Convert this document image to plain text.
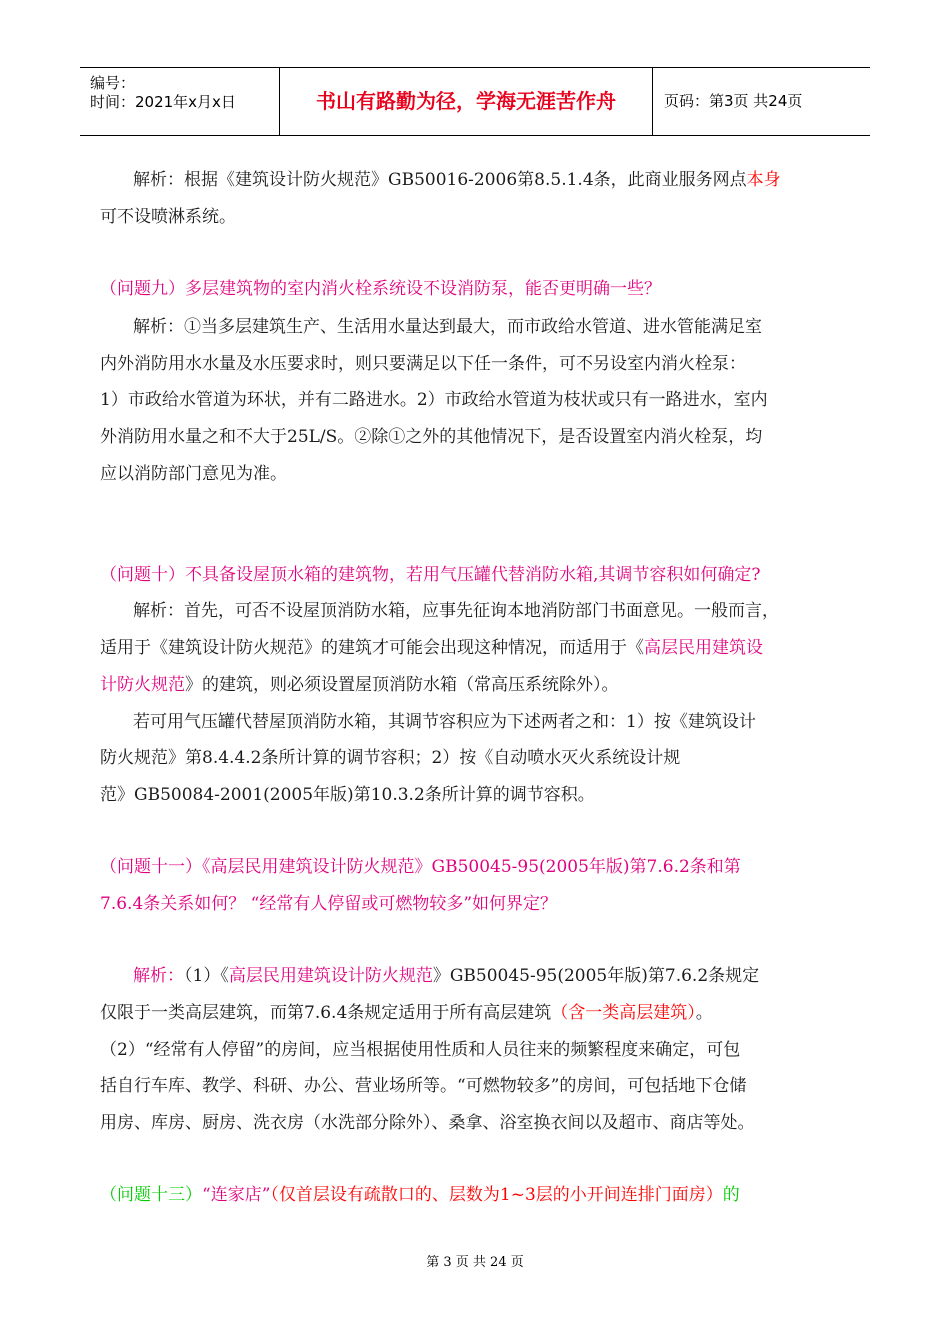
编号：
时间：2021年x月x日	书山有路勤为径，学海无涯苦作舟	页码：第3页 共24页
解析：根据《建筑设计防火规范》GB50016-2006第8.5.1.4条，此商业服务网点本身
可不设喷淋系统。
（问题九）多层建筑物的室内消火栓系统设不设消防泵，能否更明确一些？
解析：①当多层建筑生产、生活用水量达到最大，而市政给水管道、进水管能满足室
内外消防用水水量及水压要求时，则只要满足以下任一条件，可不另设室内消火栓泵：
1）市政给水管道为环状，并有二路进水。2）市政给水管道为枝状或只有一路进水，室内
外消防用水量之和不大于25L/S。②除①之外的其他情况下，是否设置室内消火栓泵，均
应以消防部门意见为准。
（问题十）不具备设屋顶水箱的建筑物，若用气压罐代替消防水箱,其调节容积如何确定?
解析：首先，可否不设屋顶消防水箱，应事先征询本地消防部门书面意见。一般而言，
适用于《建筑设计防火规范》的建筑才可能会出现这种情况，而适用于《高层民用建筑设
计防火规范》的建筑，则必须设置屋顶消防水箱（常高压系统除外）。
若可用气压罐代替屋顶消防水箱，其调节容积应为下述两者之和：1）按《建筑设计
防火规范》第8.4.4.2条所计算的调节容积；2）按《自动喷水灭火系统设计规
范》GB50084-2001(2005年版)第10.3.2条所计算的调节容积。
（问题十一）《高层民用建筑设计防火规范》GB50045-95(2005年版)第7.6.2条和第
7.6.4条关系如何？ “经常有人停留或可燃物较多”如何界定？
解析：（1）《高层民用建筑设计防火规范》GB50045-95(2005年版)第7.6.2条规定
仅限于一类高层建筑，而第7.6.4条规定适用于所有高层建筑（含一类高层建筑）。
（2）“经常有人停留”的房间，应当根据使用性质和人员往来的频繁程度来确定，可包
括自行车库、教学、科研、办公、营业场所等。“可燃物较多”的房间，可包括地下仓储
用房、库房、厨房、洗衣房（水洗部分除外）、桑拿、浴室换衣间以及超市、商店等处。
（问题十三）“连家店”（仅首层设有疏散口的、层数为1~3层的小开间连排门面房）的
第 3 页 共 24 页
